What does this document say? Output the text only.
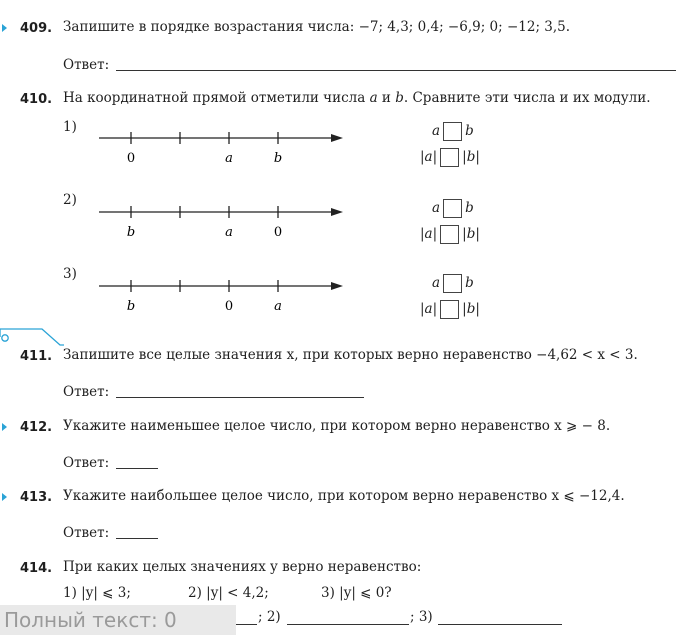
409. Запишите в порядке возрастания числа: −7; 4,3; 0,4; −6,9; 0; −12; 3,5.
Ответ:
410. На координатной прямой отметили числа a и b. Сравните эти числа и их модули.
1)
0	a	b
a b
|a| |b|
2)
b	a	0
a b
|a| |b|
3)
b	0	a
a b
|a| |b|
411. Запишите все целые значения x, при которых верно неравенство −4,62 < x < 3.
Ответ:
412. Укажите наименьшее целое число, при котором верно неравенство x ⩾ − 8.
Ответ:
413. Укажите наибольшее целое число, при котором верно неравенство x ⩽ −12,4.
Ответ:
414. При каких целых значениях y верно неравенство:
1) |y| ⩽ 3;	2) |y| < 4,2;	3) |y| ⩽ 0?
; 2)	; 3)
Полный текст: 0
